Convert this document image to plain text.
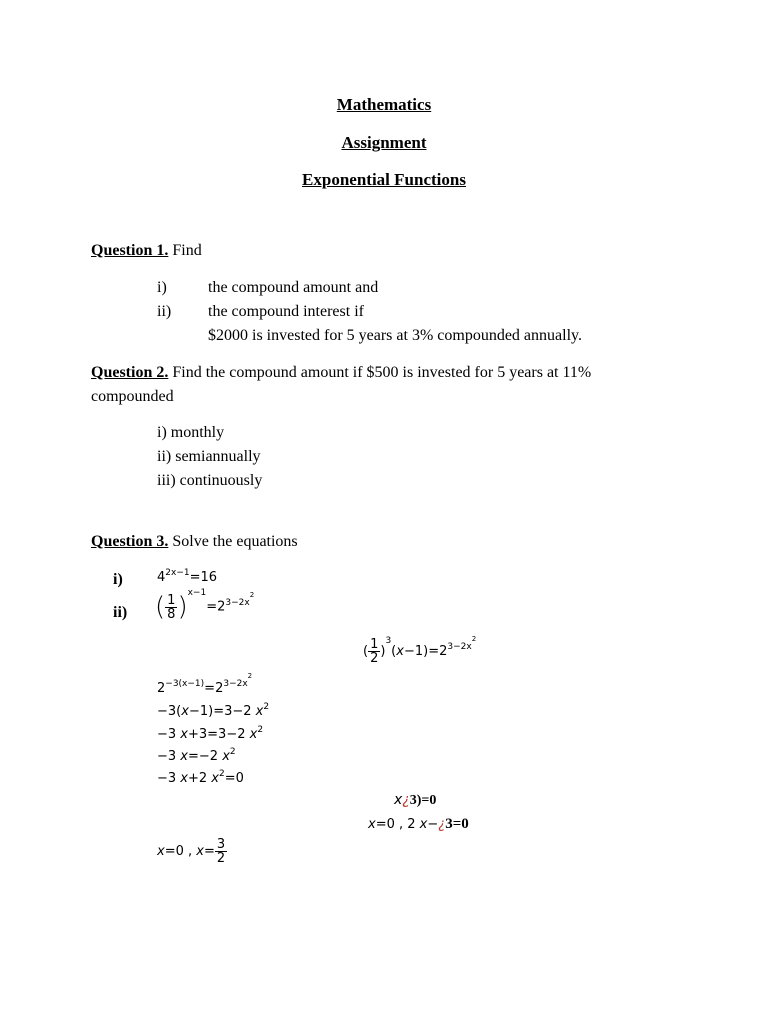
Mathematics
Assignment
Exponential Functions
Question 1. Find
i)	the compound amount and
ii) the compound interest if
$2000 is invested for 5 years at 3% compounded annually.
Question 2. Find the compound amount if $500 is invested for 5 years at 11%
compounded
i) monthly
ii) semiannually
iii) continuously
Question 3. Solve the equations
i)	$4^{2x-1}=16$
ii) ( $\frac{1}{8} )^{x-1}=2^{3-2x^2}$
( $\frac{1}{2} )^3(x-1)=2^{3-2x^2}$
$2^{-3(x-1)}=2^{3-2x^2}$
−3(x−1)=3−2 $x^2$
−3 x+3=3−2 $x^2$
−3 x=−2 $x^2$
−3 x+2 $x^2=0$
x¿3)=0
x=0 , 2 x−¿3=0
x=0 , $x= \frac{3}{2}$
